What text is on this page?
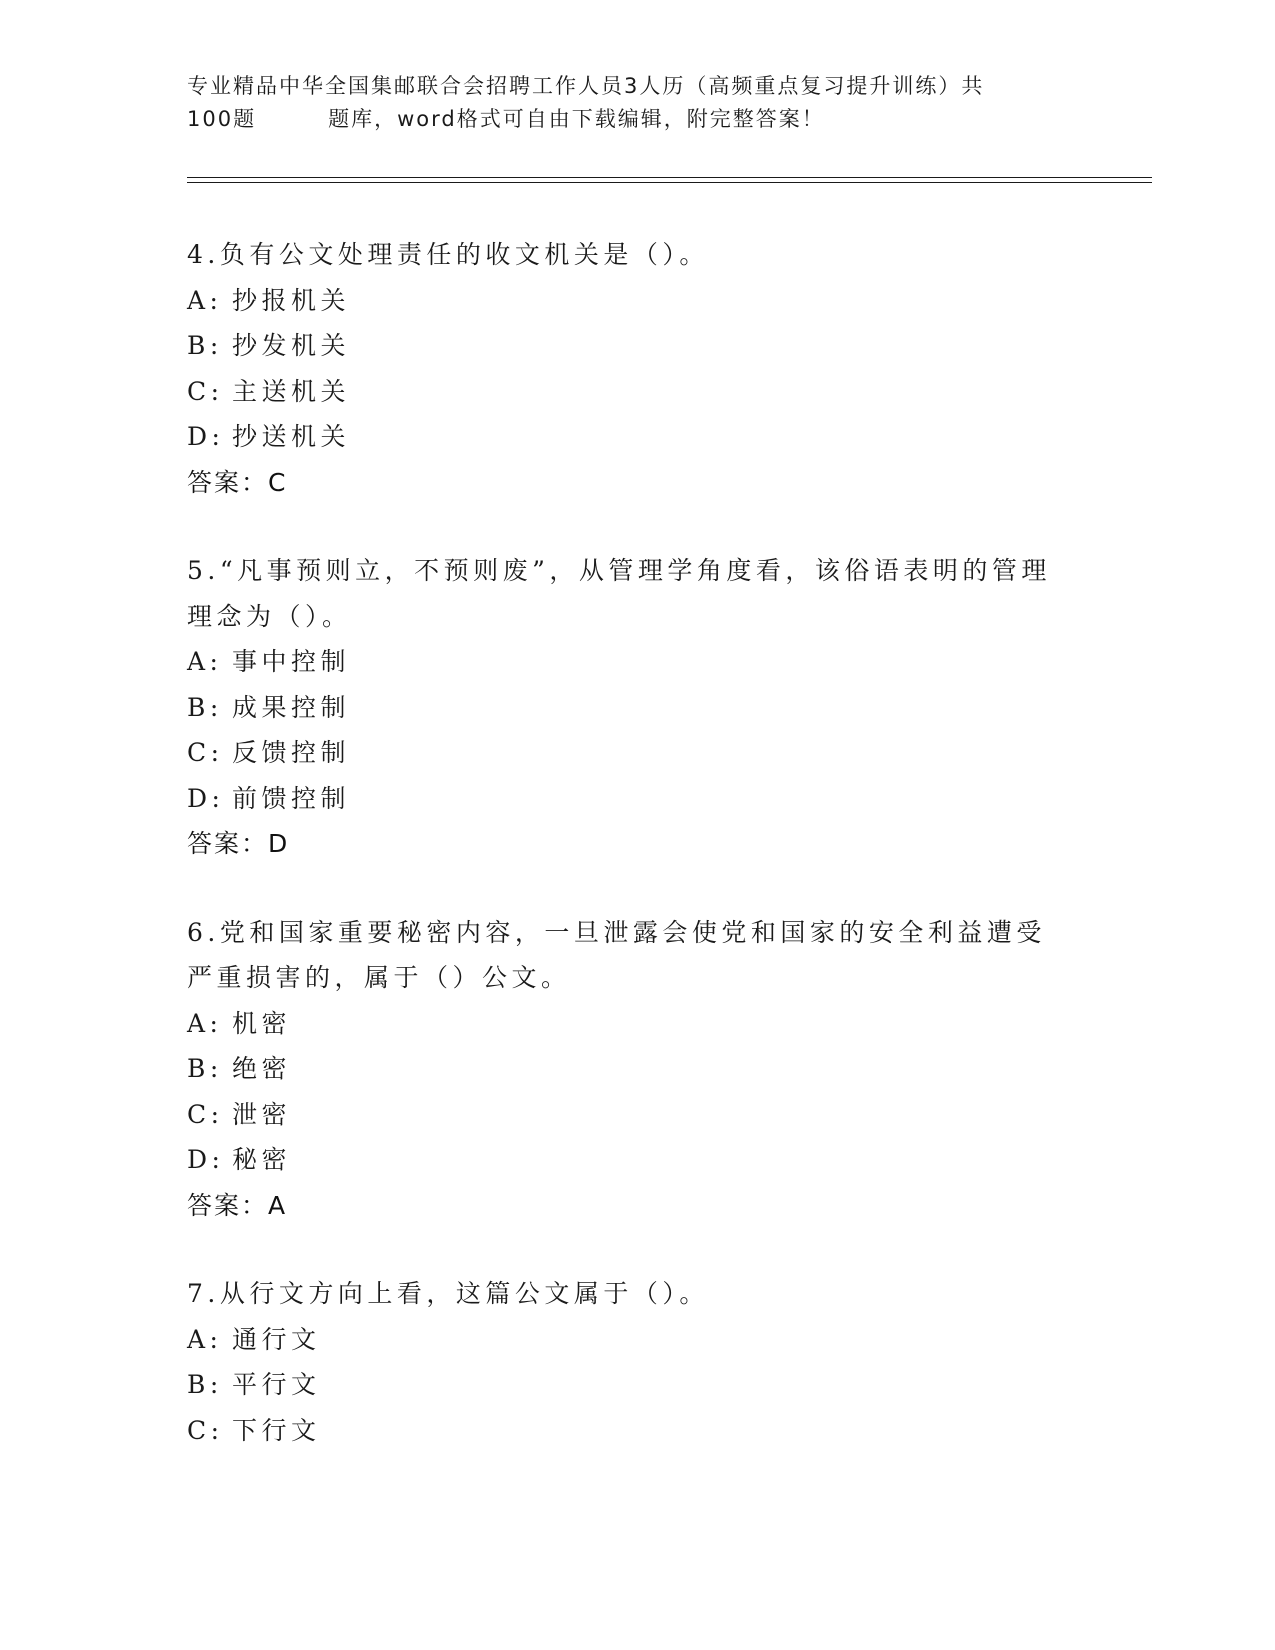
专业精品中华全国集邮联合会招聘工作人员3人历（高频重点复习提升训练）共
100题	题库，word格式可自由下载编辑，附完整答案！

4.负有公文处理责任的收文机关是（）。

A: 抄报机关

B: 抄发机关

C: 主送机关

D: 抄送机关

答案：C

5.“凡事预则立，不预则废”，从管理学角度看，该俗语表明的管理理念为（）。

A: 事中控制

B: 成果控制

C: 反馈控制

D: 前馈控制

答案：D

6.党和国家重要秘密内容，一旦泄露会使党和国家的安全利益遭受严重损害的，属于（）公文。

A: 机密

B: 绝密

C: 泄密

D: 秘密

答案：A

7.从行文方向上看，这篇公文属于（）。

A: 通行文

B: 平行文

C: 下行文
